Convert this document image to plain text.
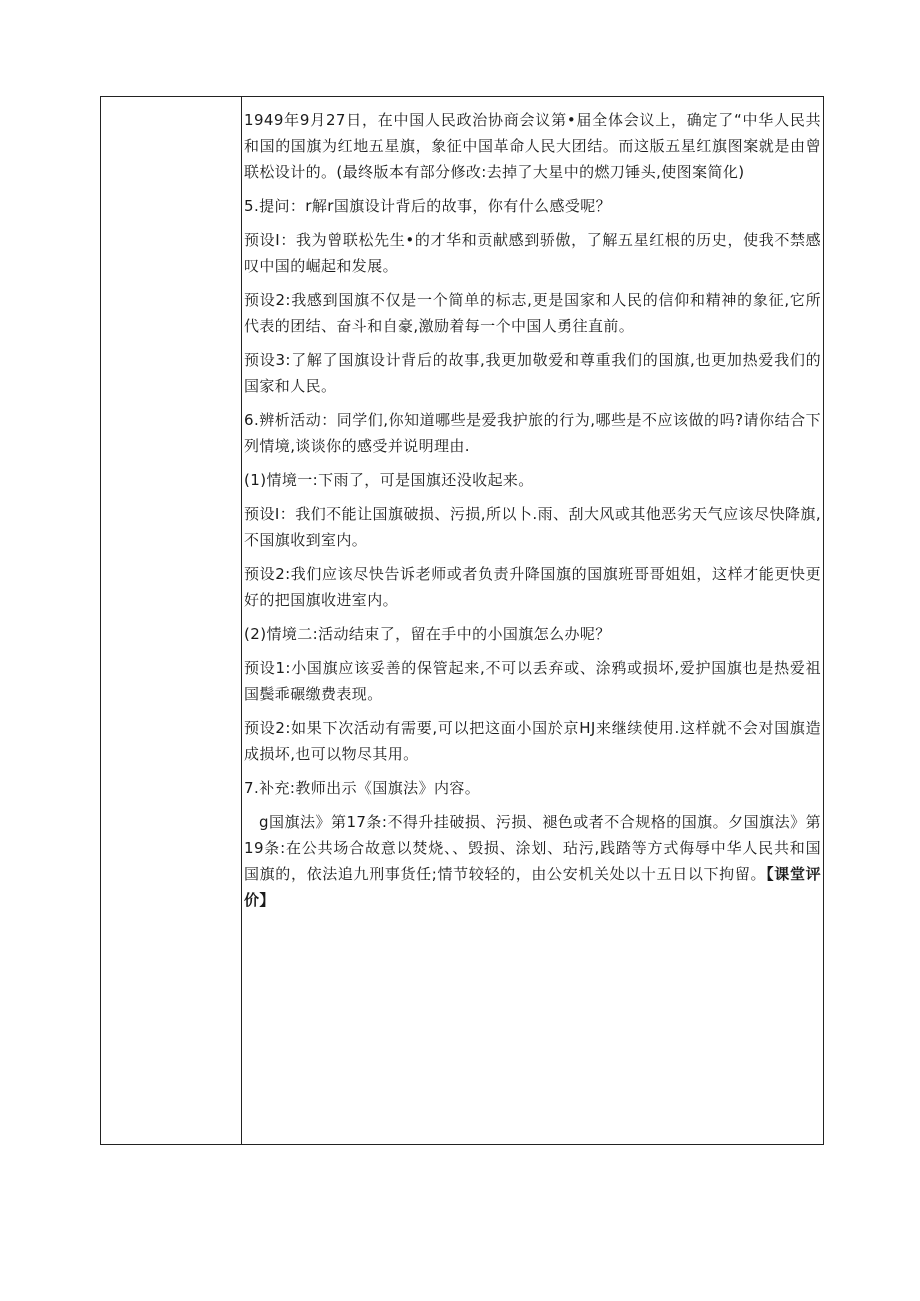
1949年9月27日，在中国人民政治协商会议第•届全体会议上，确定了“中华人民共和国的国旗为红地五星旗，象征中国革命人民大团结。而这版五星红旗图案就是由曾联松设计的。(最终版本有部分修改:去掉了大星中的燃刀锤头,使图案简化)

5.提问：r解r国旗设计背后的故事，你有什么感受呢？

预设I：我为曾联松先生•的才华和贡献感到骄傲，了解五星红根的历史，使我不禁感叹中国的崛起和发展。

预设2:我感到国旗不仅是一个简单的标志,更是国家和人民的信仰和精神的象征,它所代表的团结、奋斗和自豪,激励着每一个中国人勇往直前。

预设3:了解了国旗设计背后的故事,我更加敬爱和尊重我们的国旗,也更加热爱我们的国家和人民。

6.辨析活动：同学们,你知道哪些是爱我护旅的行为,哪些是不应该做的吗?请你结合下列情境,谈谈你的感受并说明理由.

(1)情境一:下雨了，可是国旗还没收起来。

预设I：我们不能让国旗破损、污损,所以卜.雨、刮大风或其他恶劣天气应该尽快降旗,不国旗收到室内。

预设2:我们应该尽快告诉老师或者负责升降国旗的国旗班哥哥姐姐，这样才能更快更好的把国旗收进室内。

(2)情境二:活动结束了，留在手中的小国旗怎么办呢？

预设1:小国旗应该妥善的保管起来,不可以丢弃或、涂鸦或损坏,爱护国旗也是热爱祖国鬓乖碾缴费表现。

预设2:如果下次活动有需要,可以把这面小国於京HJ来继续使用.这样就不会对国旗造成损坏,也可以物尽其用。

7.补充:教师出示《国旗法》内容。

g国旗法》第17条:不得升挂破损、污损、褪色或者不合规格的国旗。夕国旗法》第19条:在公共场合故意以焚烧、、毁损、涂划、玷污,践踏等方式侮辱中华人民共和国国旗的，依法追九刑事货任;情节较轻的，由公安机关处以十五日以下拘留。【课堂评价】
